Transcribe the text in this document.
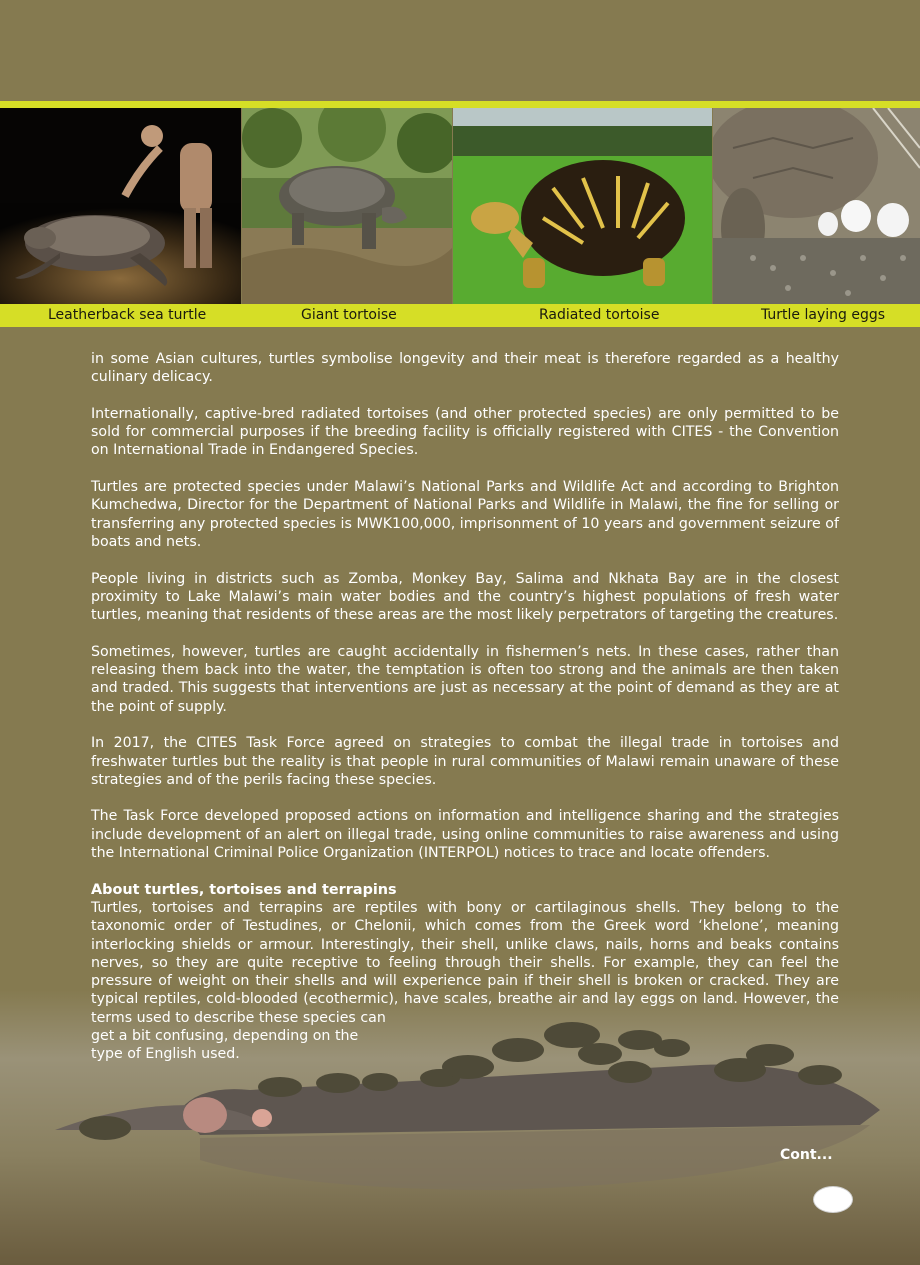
Leatherback sea turtle	Giant tortoise	Radiated tortoise	Turtle laying eggs

in some Asian cultures, turtles symbolise longevity and their meat is therefore regarded as a healthy culinary delicacy.

Internationally, captive-bred radiated tortoises (and other protected species) are only permitted to be sold for commercial purposes if the breeding facility is officially registered with CITES - the Convention on International Trade in Endangered Species.

Turtles are protected species under Malawi’s National Parks and Wildlife Act and according to Brighton Kumchedwa, Director for the Department of National Parks and Wildlife in Malawi, the fine for selling or transferring any protected species is MWK100,000, imprisonment of 10 years and government seizure of boats and nets.

People living in districts such as Zomba, Monkey Bay, Salima and Nkhata Bay are in the closest proximity to Lake Malawi’s main water bodies and the country’s highest populations of fresh water turtles, meaning that residents of these areas are the most likely perpetrators of targeting the creatures.

Sometimes, however, turtles are caught accidentally in fishermen’s nets. In these cases, rather than releasing them back into the water, the temptation is often too strong and the animals are then taken and traded. This suggests that interventions are just as necessary at the point of demand as they are at the point of supply.

In 2017, the CITES Task Force agreed on strategies to combat the illegal trade in tortoises and freshwater turtles but the reality is that people in rural communities of Malawi remain unaware of these strategies and of the perils facing these species.

The Task Force developed proposed actions on information and intelligence sharing and the strategies include development of an alert on illegal trade, using online communities to raise awareness and using the International Criminal Police Organization (INTERPOL) notices to trace and locate offenders.

About turtles, tortoises and terrapins

Turtles, tortoises and terrapins are reptiles with bony or cartilaginous shells. They belong to the taxonomic order of Testudines, or Chelonii, which comes from the Greek word ‘khelone’, meaning interlocking shields or armour. Interestingly, their shell, unlike claws, nails, horns and beaks contains nerves, so they are quite receptive to feeling through their shells. For example, they can feel the pressure of weight on their shells and will experience pain if their shell is broken or cracked. They are typical reptiles, cold-blooded (ecothermic), have scales, breathe air and lay eggs on land. However, the terms used to describe these species can
get a bit confusing, depending on the
type of English used.

Cont...
